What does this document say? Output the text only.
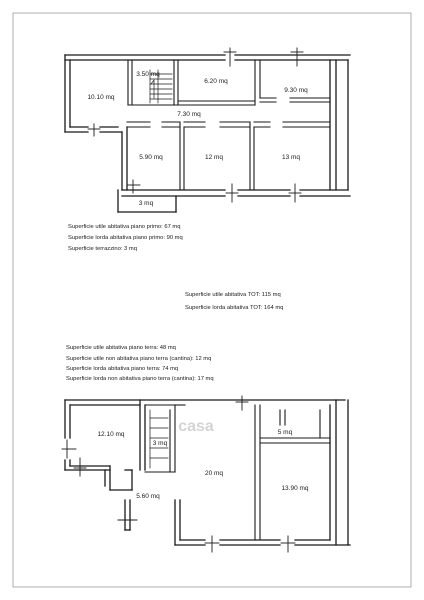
10.10 mq
3.50 mq
6.20 mq
9.30 mq
7.30 mq
5.90 mq	12 mq	13 mq
3 mq
Superficie utile abitativa piano primo: 67 mq
Superficie lorda abitativa piano primo: 90 mq
Superficie terrazzino: 3 mq
Superficie utile abitativa TOT: 115 mq
Superficie lorda abitativa TOT: 164 mq
Superficie utile abitativa piano terra: 48 mq
Superficie utile non abitativa piano terra (cantina): 12 mq
Superficie lorda abitativa piano terra: 74 mq
Superficie lorda non abitativa piano terra (cantina): 17 mq
12.10 mq
3 mq
5 mq
20 mq
13.90 mq
5.60 mq
casa
